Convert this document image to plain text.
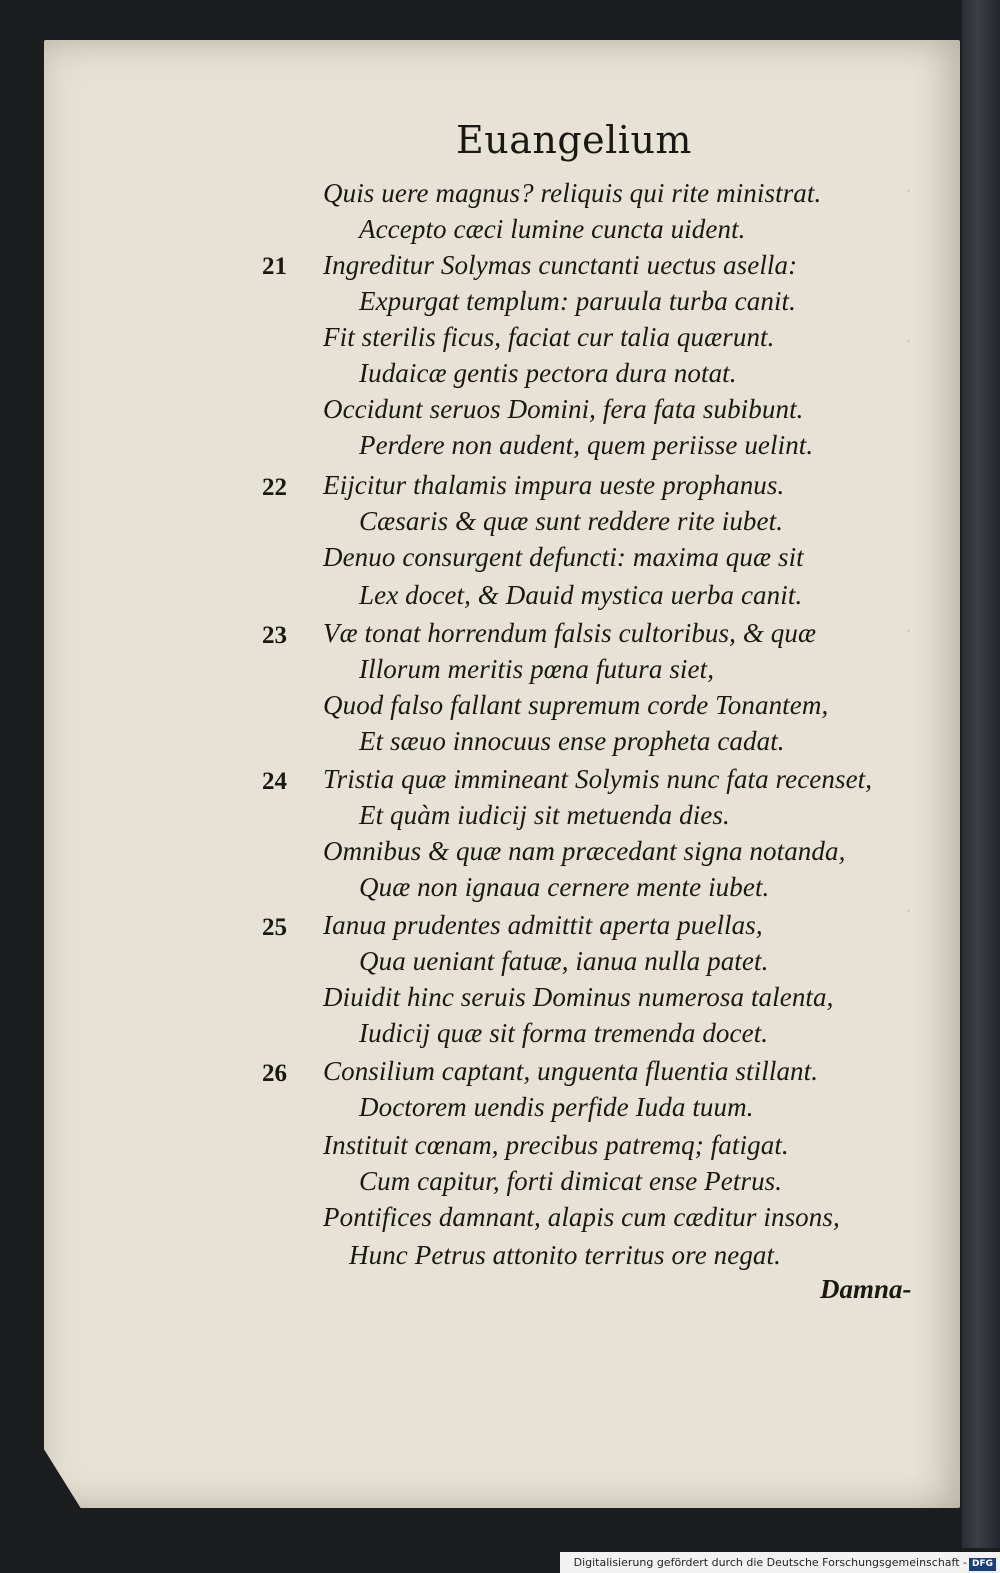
·
·
·
·
Euangelium
Quis uere magnus? reliquis qui rite ministrat.
Accepto cæci lumine cuncta uident.
Ingreditur Solymas cunctanti uectus asella:
Expurgat templum: paruula turba canit.
Fit sterilis ficus, faciat cur talia quærunt.
Iudaicæ gentis pectora dura notat.
Occidunt seruos Domini, fera fata subibunt.
Perdere non audent, quem periisse uelint.
Eijcitur thalamis impura ueste prophanus.
Cæsaris & quæ sunt reddere rite iubet.
Denuo consurgent defuncti: maxima quæ sit
Lex docet, & Dauid mystica uerba canit.
Væ tonat horrendum falsis cultoribus, & quæ
Illorum meritis pœna futura siet,
Quod falso fallant supremum corde Tonantem,
Et sæuo innocuus ense propheta cadat.
Tristia quæ immineant Solymis nunc fata recenset,
Et quàm iudicij sit metuenda dies.
Omnibus & quæ nam præcedant signa notanda,
Quæ non ignaua cernere mente iubet.
Ianua prudentes admittit aperta puellas,
Qua ueniant fatuæ, ianua nulla patet.
Diuidit hinc seruis Dominus numerosa talenta,
Iudicij quæ sit forma tremenda docet.
Consilium captant, unguenta fluentia stillant.
Doctorem uendis perfide Iuda tuum.
Instituit cœnam, precibus patremq; fatigat.
Cum capitur, forti dimicat ense Petrus.
Pontifices damnant, alapis cum cæditur insons,
Hunc Petrus attonito territus ore negat.
21
22
23
24
25
26
Damna-
Digitalisierung gefördert durch die Deutsche Forschungsgemeinschaft - DFG
